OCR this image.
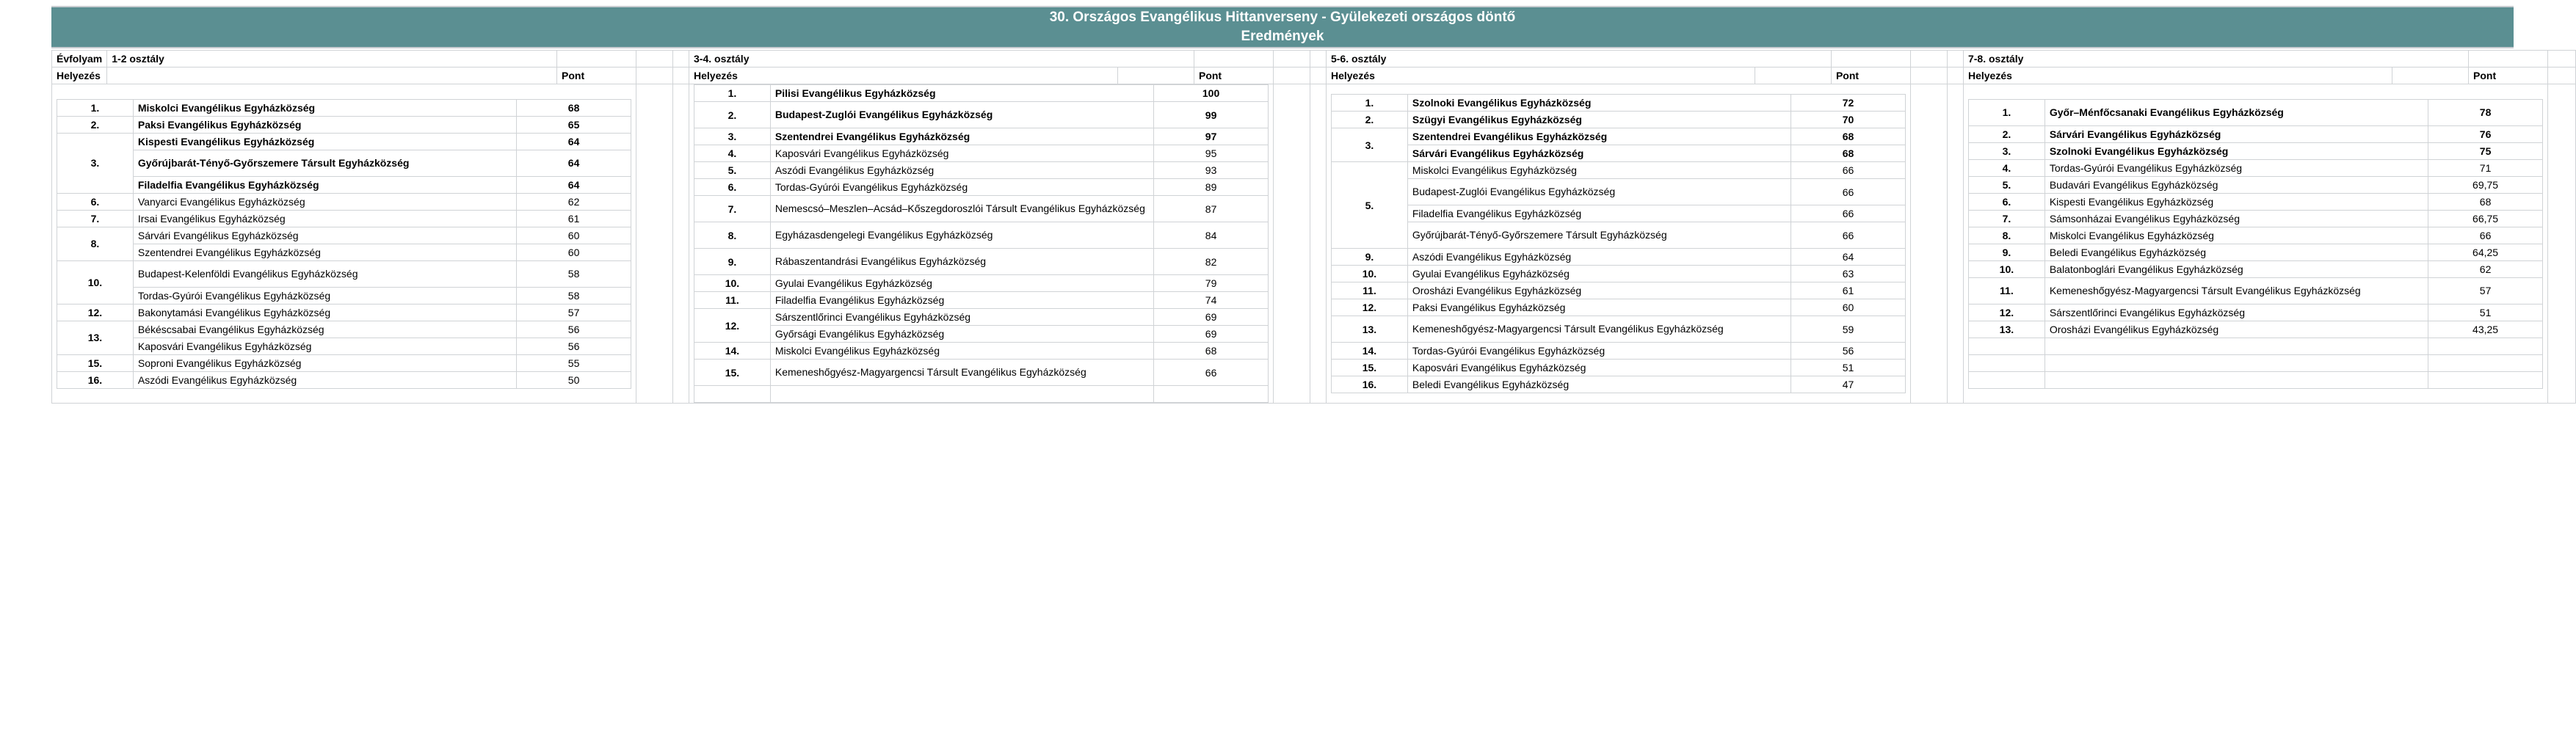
30. Országos Evangélikus Hittanverseny - Gyülekezeti országos döntő
Eredmények
Évfolyam	1-2 osztály				3-4. osztály				5-6. osztály				7-8. osztály		
Helyezés		Pont			Helyezés		Pont			Helyezés		Pont			Helyezés		Pont	

1.	Miskolci Evangélikus Egyházközség	68
2.	Paksi Evangélikus Egyházközség	65
3.	Kispesti Evangélikus Egyházközség	64
Győrújbarát-Tényő-Győrszemere Társult Egyházközség	64
Filadelfia Evangélikus Egyházközség	64
6.	Vanyarci Evangélikus Egyházközség	62
7.	Irsai Evangélikus Egyházközség	61
8.	Sárvári Evangélikus Egyházközség	60
Szentendrei Evangélikus Egyházközség	60
10.	Budapest-Kelenföldi Evangélikus Egyházközség	58
Tordas-Gyúrói Evangélikus Egyházközség	58
12.	Bakonytamási Evangélikus Egyházközség	57
13.	Békéscsabai Evangélikus Egyházközség	56
Kaposvári Evangélikus Egyházközség	56
15.	Soproni Evangélikus Egyházközség	55
16.	Aszódi Evangélikus Egyházközség	50

1.	Pilisi Evangélikus Egyházközség	100
2.	Budapest-Zuglói Evangélikus Egyházközség	99
3.	Szentendrei Evangélikus Egyházközség	97
4.	Kaposvári Evangélikus Egyházközség	95
5.	Aszódi Evangélikus Egyházközség	93
6.	Tordas-Gyúrói Evangélikus Egyházközség	89
7.	Nemescsó–Meszlen–Acsád–Kőszegdoroszlói Társult Evangélikus Egyházközség	87
8.	Egyházasdengelegi Evangélikus Egyházközség	84
9.	Rábaszentandrási Evangélikus Egyházközség	82
10.	Gyulai Evangélikus Egyházközség	79
11.	Filadelfia Evangélikus Egyházközség	74
12.	Sárszentlőrinci Evangélikus Egyházközség	69
Győrsági Evangélikus Egyházközség	69
14.	Miskolci Evangélikus Egyházközség	68
15.	Kemeneshőgyész-Magyargencsi Társult Evangélikus Egyházközség	66

1.	Szolnoki Evangélikus Egyházközség	72
2.	Szügyi Evangélikus Egyházközség	70
3.	Szentendrei Evangélikus Egyházközség	68
Sárvári Evangélikus Egyházközség	68
5.	Miskolci Evangélikus Egyházközség	66
Budapest-Zuglói Evangélikus Egyházközség	66
Filadelfia Evangélikus Egyházközség	66
Győrújbarát-Tényő-Győrszemere Társult Egyházközség	66
9.	Aszódi Evangélikus Egyházközség	64
10.	Gyulai Evangélikus Egyházközség	63
11.	Orosházi Evangélikus Egyházközség	61
12.	Paksi Evangélikus Egyházközség	60
13.	Kemeneshőgyész-Magyargencsi Társult Evangélikus Egyházközség	59
14.	Tordas-Gyúrói Evangélikus Egyházközség	56
15.	Kaposvári Evangélikus Egyházközség	51
16.	Beledi Evangélikus Egyházközség	47

1.	Győr–Ménfőcsanaki Evangélikus Egyházközség	78
2.	Sárvári Evangélikus Egyházközség	76
3.	Szolnoki Evangélikus Egyházközség	75
4.	Tordas-Gyúrói Evangélikus Egyházközség	71
5.	Budavári Evangélikus Egyházközség	69,75
6.	Kispesti Evangélikus Egyházközség	68
7.	Sámsonházai Evangélikus Egyházközség	66,75
8.	Miskolci Evangélikus Egyházközség	66
9.	Beledi Evangélikus Egyházközség	64,25
10.	Balatonboglári Evangélikus Egyházközség	62
11.	Kemeneshőgyész-Magyargencsi Társult Evangélikus Egyházközség	57
12.	Sárszentlőrinci Evangélikus Egyházközség	51
13.	Orosházi Evangélikus Egyházközség	43,25
